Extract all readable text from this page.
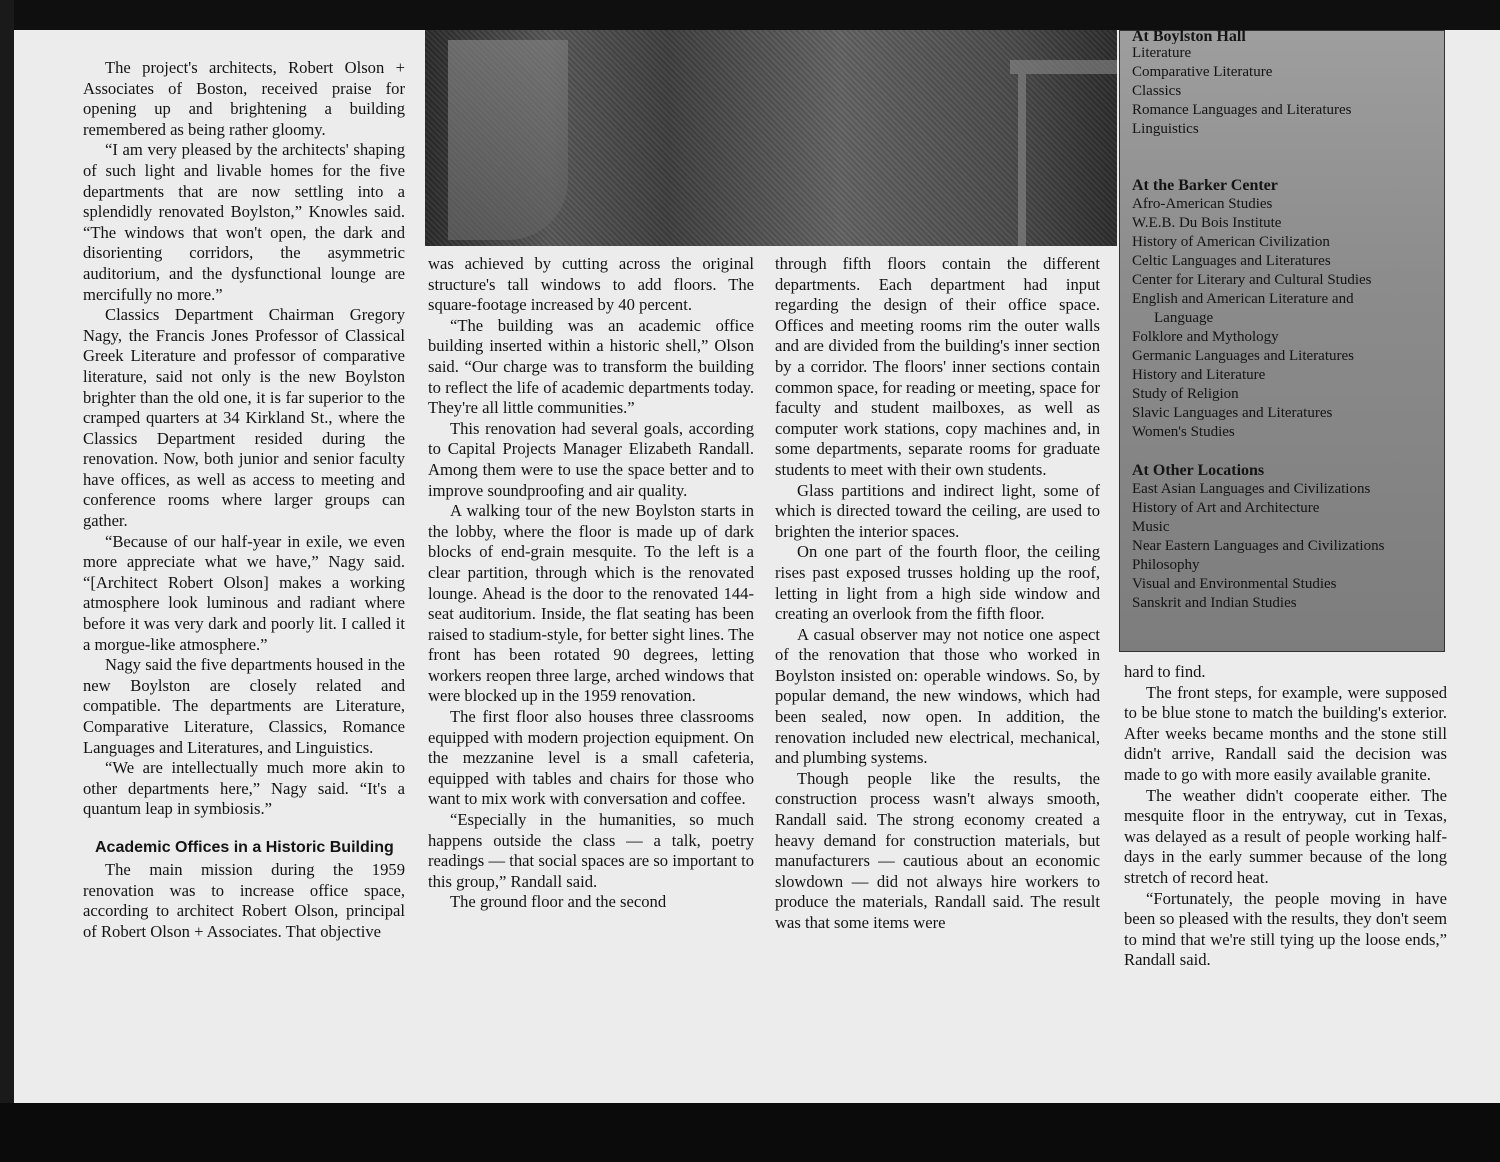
The project's architects, Robert Olson + Associates of Boston, received praise for opening up and brightening a building remembered as being rather gloomy.

“I am very pleased by the architects' shaping of such light and livable homes for the five departments that are now settling into a splendidly renovated Boylston,” Knowles said. “The windows that won't open, the dark and disorienting corridors, the asymmetric auditorium, and the dysfunctional lounge are mercifully no more.”

Classics Department Chairman Gregory Nagy, the Francis Jones Professor of Classical Greek Literature and professor of comparative literature, said not only is the new Boylston brighter than the old one, it is far superior to the cramped quarters at 34 Kirkland St., where the Classics Department resided during the renovation. Now, both junior and senior faculty have offices, as well as access to meeting and conference rooms where larger groups can gather.

“Because of our half-year in exile, we even more appreciate what we have,” Nagy said. “[Architect Robert Olson] makes a working atmosphere look luminous and radiant where before it was very dark and poorly lit. I called it a morgue-like atmosphere.”

Nagy said the five departments housed in the new Boylston are closely related and compatible. The departments are Literature, Comparative Literature, Classics, Romance Languages and Literatures, and Linguistics.

“We are intellectually much more akin to other departments here,” Nagy said. “It's a quantum leap in symbiosis.”

Academic Offices in a Historic Building

The main mission during the 1959 renovation was to increase office space, according to architect Robert Olson, principal of Robert Olson + Associates. That objective

was achieved by cutting across the original structure's tall windows to add floors. The square-footage increased by 40 percent.

“The building was an academic office building inserted within a historic shell,” Olson said. “Our charge was to transform the building to reflect the life of academic departments today. They're all little communities.”

This renovation had several goals, according to Capital Projects Manager Elizabeth Randall. Among them were to use the space better and to improve soundproofing and air quality.

A walking tour of the new Boylston starts in the lobby, where the floor is made up of dark blocks of end-grain mesquite. To the left is a clear partition, through which is the renovated lounge. Ahead is the door to the renovated 144-seat auditorium. Inside, the flat seating has been raised to stadium-style, for better sight lines. The front has been rotated 90 degrees, letting workers reopen three large, arched windows that were blocked up in the 1959 renovation.

The first floor also houses three classrooms equipped with modern projection equipment. On the mezzanine level is a small cafeteria, equipped with tables and chairs for those who want to mix work with conversation and coffee.

“Especially in the humanities, so much happens outside the class — a talk, poetry readings — that social spaces are so important to this group,” Randall said.

The ground floor and the second

through fifth floors contain the different departments. Each department had input regarding the design of their office space. Offices and meeting rooms rim the outer walls and are divided from the building's inner section by a corridor. The floors' inner sections contain common space, for reading or meeting, space for faculty and student mailboxes, as well as computer work stations, copy machines and, in some departments, separate rooms for graduate students to meet with their own students.

Glass partitions and indirect light, some of which is directed toward the ceiling, are used to brighten the interior spaces.

On one part of the fourth floor, the ceiling rises past exposed trusses holding up the roof, letting in light from a high side window and creating an overlook from the fifth floor.

A casual observer may not notice one aspect of the renovation that those who worked in Boylston insisted on: operable windows. So, by popular demand, the new windows, which had been sealed, now open. In addition, the renovation included new electrical, mechanical, and plumbing systems.

Though people like the results, the construction process wasn't always smooth, Randall said. The strong economy created a heavy demand for construction materials, but manufacturers — cautious about an economic slowdown — did not always hire workers to produce the materials, Randall said. The result was that some items were

At Boylston Hall
Literature
Comparative Literature
Classics
Romance Languages and Literatures
Linguistics
At the Barker Center
Afro-American Studies
W.E.B. Du Bois Institute
History of American Civilization
Celtic Languages and Literatures
Center for Literary and Cultural Studies
English and American Literature and
Language
Folklore and Mythology
Germanic Languages and Literatures
History and Literature
Study of Religion
Slavic Languages and Literatures
Women's Studies
At Other Locations
East Asian Languages and Civilizations
History of Art and Architecture
Music
Near Eastern Languages and Civilizations
Philosophy
Visual and Environmental Studies
Sanskrit and Indian Studies

hard to find.

The front steps, for example, were supposed to be blue stone to match the building's exterior. After weeks became months and the stone still didn't arrive, Randall said the decision was made to go with more easily available granite.

The weather didn't cooperate either. The mesquite floor in the entryway, cut in Texas, was delayed as a result of people working half-days in the early summer because of the long stretch of record heat.

“Fortunately, the people moving in have been so pleased with the results, they don't seem to mind that we're still tying up the loose ends,” Randall said.
